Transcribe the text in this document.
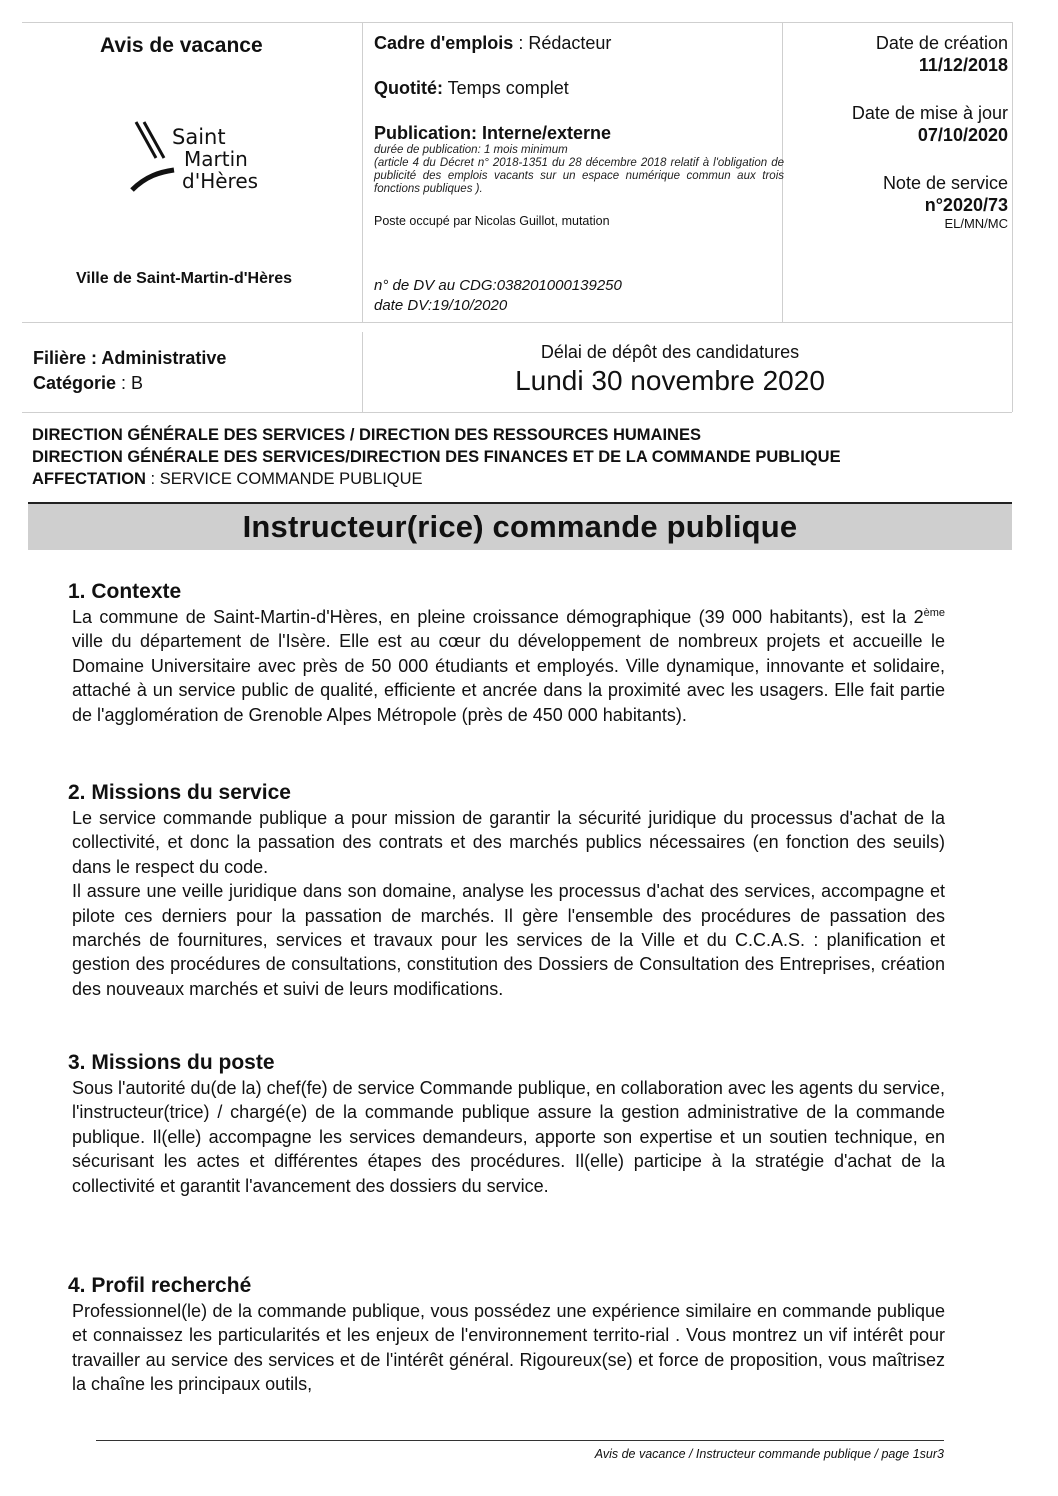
Avis de vacance
Saint
Martin
d'Hères
Ville de Saint-Martin-d'Hères
Cadre d'emplois : Rédacteur
Quotité: Temps complet
Publication: Interne/externe
durée de publication: 1 mois minimum
(article 4 du Décret n° 2018-1351 du 28 décembre 2018 relatif à l'obligation de publicité des emplois vacants sur un espace numérique commun aux trois fonctions publiques ).
Poste occupé par Nicolas Guillot, mutation
n° de DV au CDG:038201000139250
date DV:19/10/2020
Date de création
11/12/2018
Date de mise à jour
07/10/2020
Note de service
n°2020/73
EL/MN/MC
Filière : Administrative
Catégorie : B
Délai de dépôt des candidatures
Lundi 30 novembre 2020
DIRECTION GÉNÉRALE DES SERVICES / DIRECTION DES RESSOURCES HUMAINES
DIRECTION GÉNÉRALE DES SERVICES/DIRECTION DES FINANCES ET DE LA COMMANDE PUBLIQUE
AFFECTATION : SERVICE COMMANDE PUBLIQUE
Instructeur(rice) commande publique
1. Contexte

La commune de Saint-Martin-d'Hères, en pleine croissance démographique (39 000 habitants), est la 2ème ville du département de l'Isère. Elle est au cœur du développement de nombreux projets et accueille le Domaine Universitaire avec près de 50 000 étudiants et employés. Ville dynamique, innovante et solidaire, attaché à un service public de qualité, efficiente et ancrée dans la proximité avec les usagers. Elle fait partie de l'agglomération de Grenoble Alpes Métropole (près de 450 000 habitants).

2. Missions du service

Le service commande publique a pour mission de garantir la sécurité juridique du processus d'achat de la collectivité, et donc la passation des contrats et des marchés publics nécessaires (en fonction des seuils) dans le respect du code.

Il assure une veille juridique dans son domaine, analyse les processus d'achat des services, accompagne et pilote ces derniers pour la passation de marchés. Il gère l'ensemble des procédures de passation des marchés de fournitures, services et travaux pour les services de la Ville et du C.C.A.S. : planification et gestion des procédures de consultations, constitution des Dossiers de Consultation des Entreprises, création des nouveaux marchés et suivi de leurs modifications.

3. Missions du poste

Sous l'autorité du(de la) chef(fe) de service Commande publique, en collaboration avec les agents du service, l'instructeur(trice) / chargé(e) de la commande publique assure la gestion administrative de la commande publique. Il(elle) accompagne les services demandeurs, apporte son expertise et un soutien technique, en sécurisant les actes et différentes étapes des procédures. Il(elle) participe à la stratégie d'achat de la collectivité et garantit l'avancement des dossiers du service.

4. Profil recherché

Professionnel(le) de la commande publique, vous possédez une expérience similaire en commande publique et connaissez les particularités et les enjeux de l'environnement territo-rial . Vous montrez un vif intérêt pour travailler au service des services et de l'intérêt général. Rigoureux(se) et force de proposition, vous maîtrisez la chaîne les principaux outils,

Avis de vacance / Instructeur commande publique / page 1sur3
